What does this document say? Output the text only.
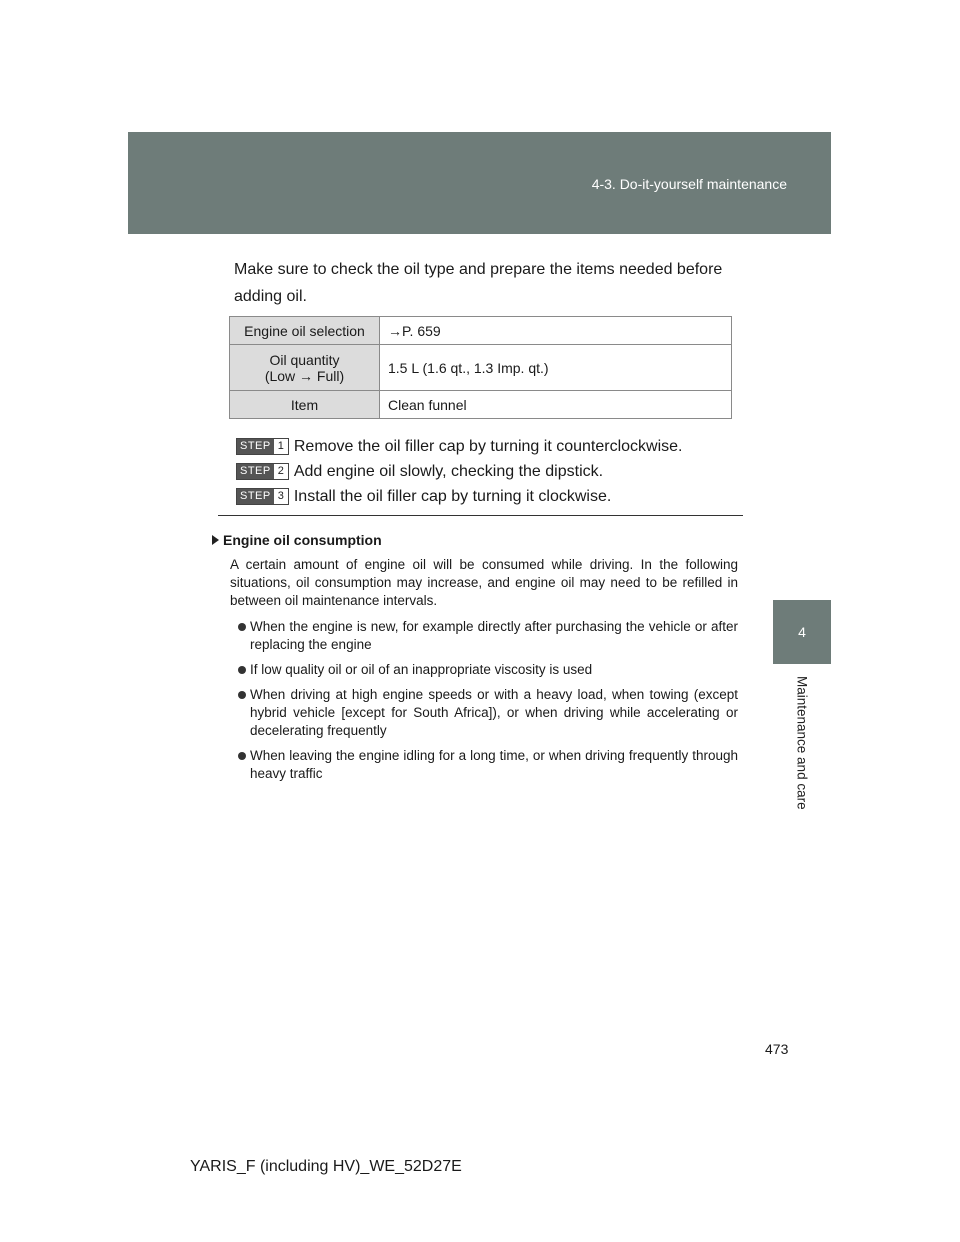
4-3. Do-it-yourself maintenance
4
Maintenance and care
Make sure to check the oil type and prepare the items needed before adding oil.
Engine oil selection	→P. 659

Oil quantity
(Low → Full)	1.5 L (1.6 qt., 1.3 Imp. qt.)
Item	Clean funnel
STEP 1 Remove the oil filler cap by turning it counterclockwise.
STEP 2 Add engine oil slowly, checking the dipstick.
STEP 3 Install the oil filler cap by turning it clockwise.
Engine oil consumption
A certain amount of engine oil will be consumed while driving. In the following situations, oil consumption may increase, and engine oil may need to be refilled in between oil maintenance intervals.
When the engine is new, for example directly after purchasing the vehicle or after replacing the engine
If low quality oil or oil of an inappropriate viscosity is used
When driving at high engine speeds or with a heavy load, when towing (except hybrid vehicle [except for South Africa]), or when driving while accelerating or decelerating frequently
When leaving the engine idling for a long time, or when driving frequently through heavy traffic
473
YARIS_F (including HV)_WE_52D27E
